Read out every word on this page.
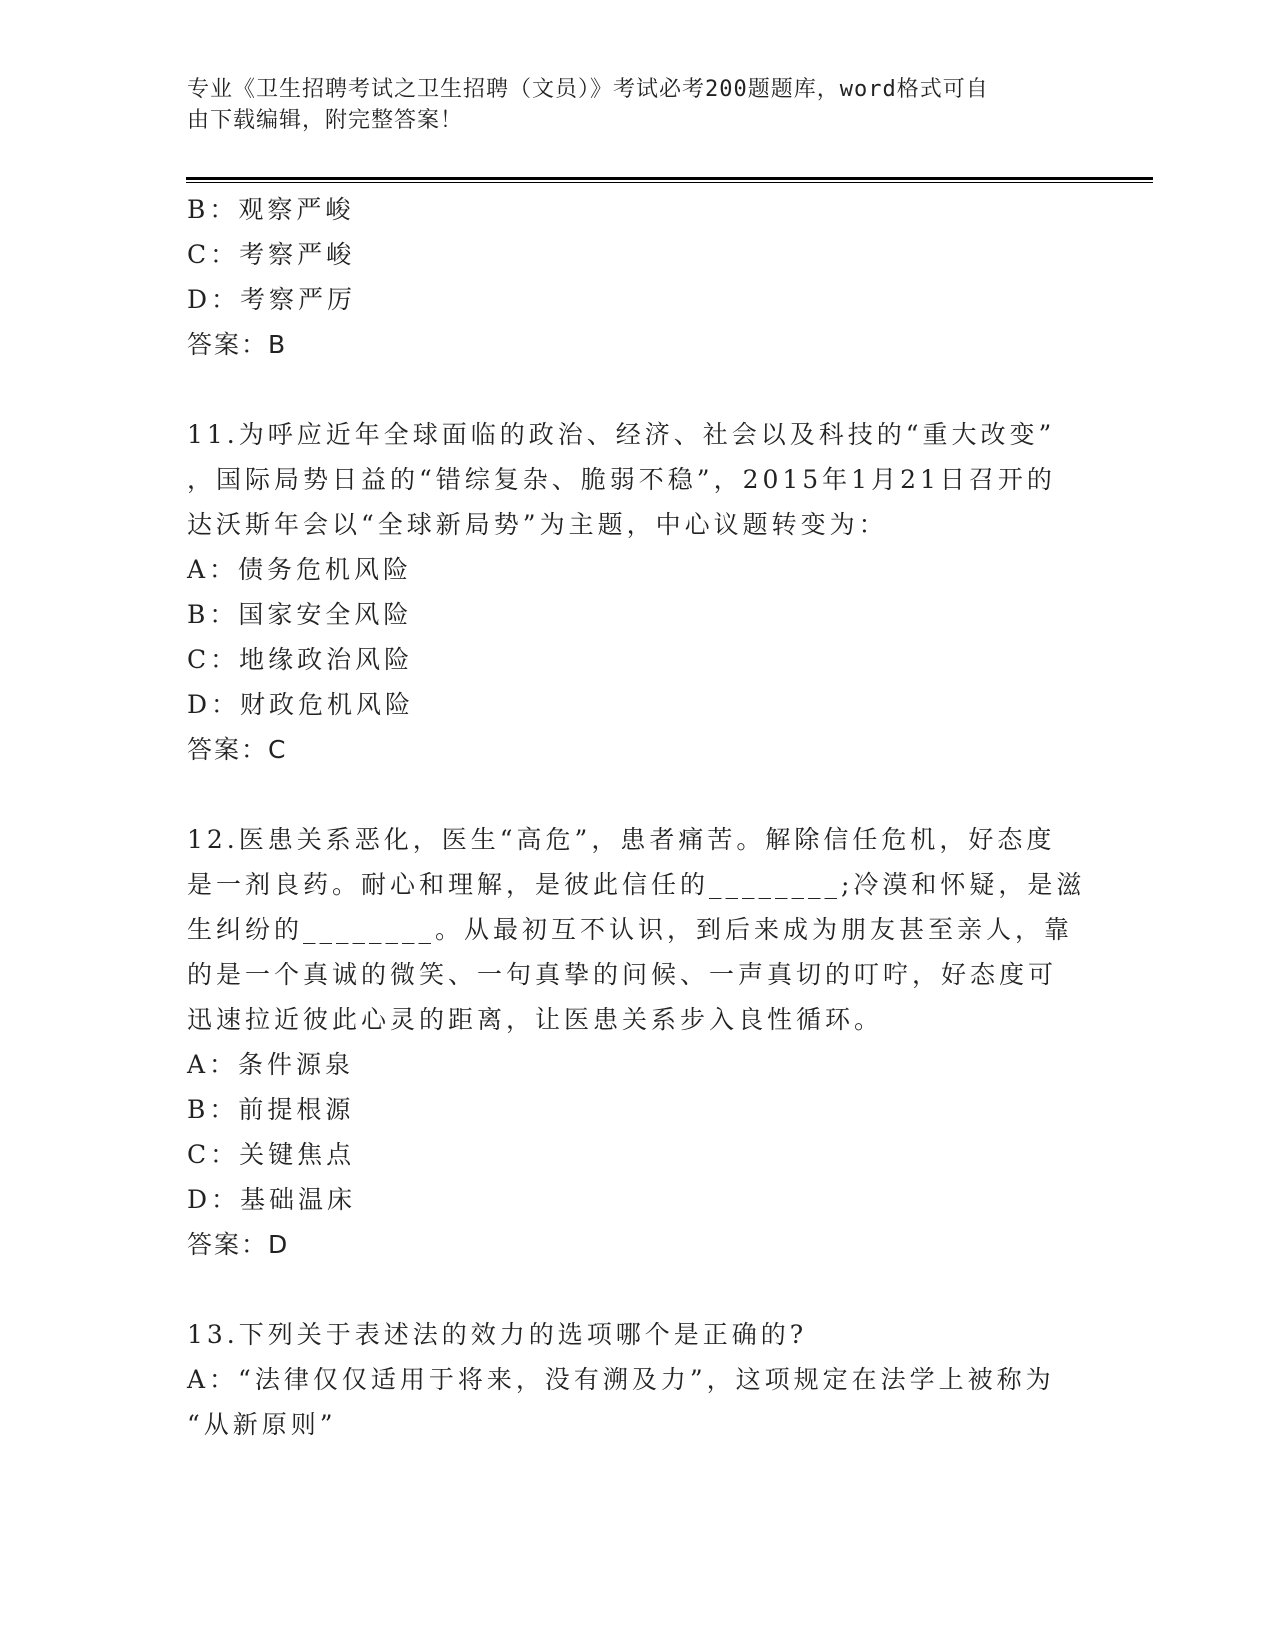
专业《卫生招聘考试之卫生招聘（文员）》考试必考200题题库，word格式可自
由下载编辑，附完整答案！
B：观察严峻
C：考察严峻
D：考察严厉
答案：B
11.为呼应近年全球面临的政治、经济、社会以及科技的“重大改变”
，国际局势日益的“错综复杂、脆弱不稳”，2015年1月21日召开的
达沃斯年会以“全球新局势”为主题，中心议题转变为：
A：债务危机风险
B：国家安全风险
C：地缘政治风险
D：财政危机风险
答案：C
12.医患关系恶化，医生“高危”，患者痛苦。解除信任危机，好态度
是一剂良药。耐心和理解，是彼此信任的________;冷漠和怀疑，是滋
生纠纷的________。从最初互不认识，到后来成为朋友甚至亲人，靠
的是一个真诚的微笑、一句真挚的问候、一声真切的叮咛，好态度可
迅速拉近彼此心灵的距离，让医患关系步入良性循环。
A：条件源泉
B：前提根源
C：关键焦点
D：基础温床
答案：D
13.下列关于表述法的效力的选项哪个是正确的?
A：“法律仅仅适用于将来，没有溯及力”，这项规定在法学上被称为
“从新原则”
